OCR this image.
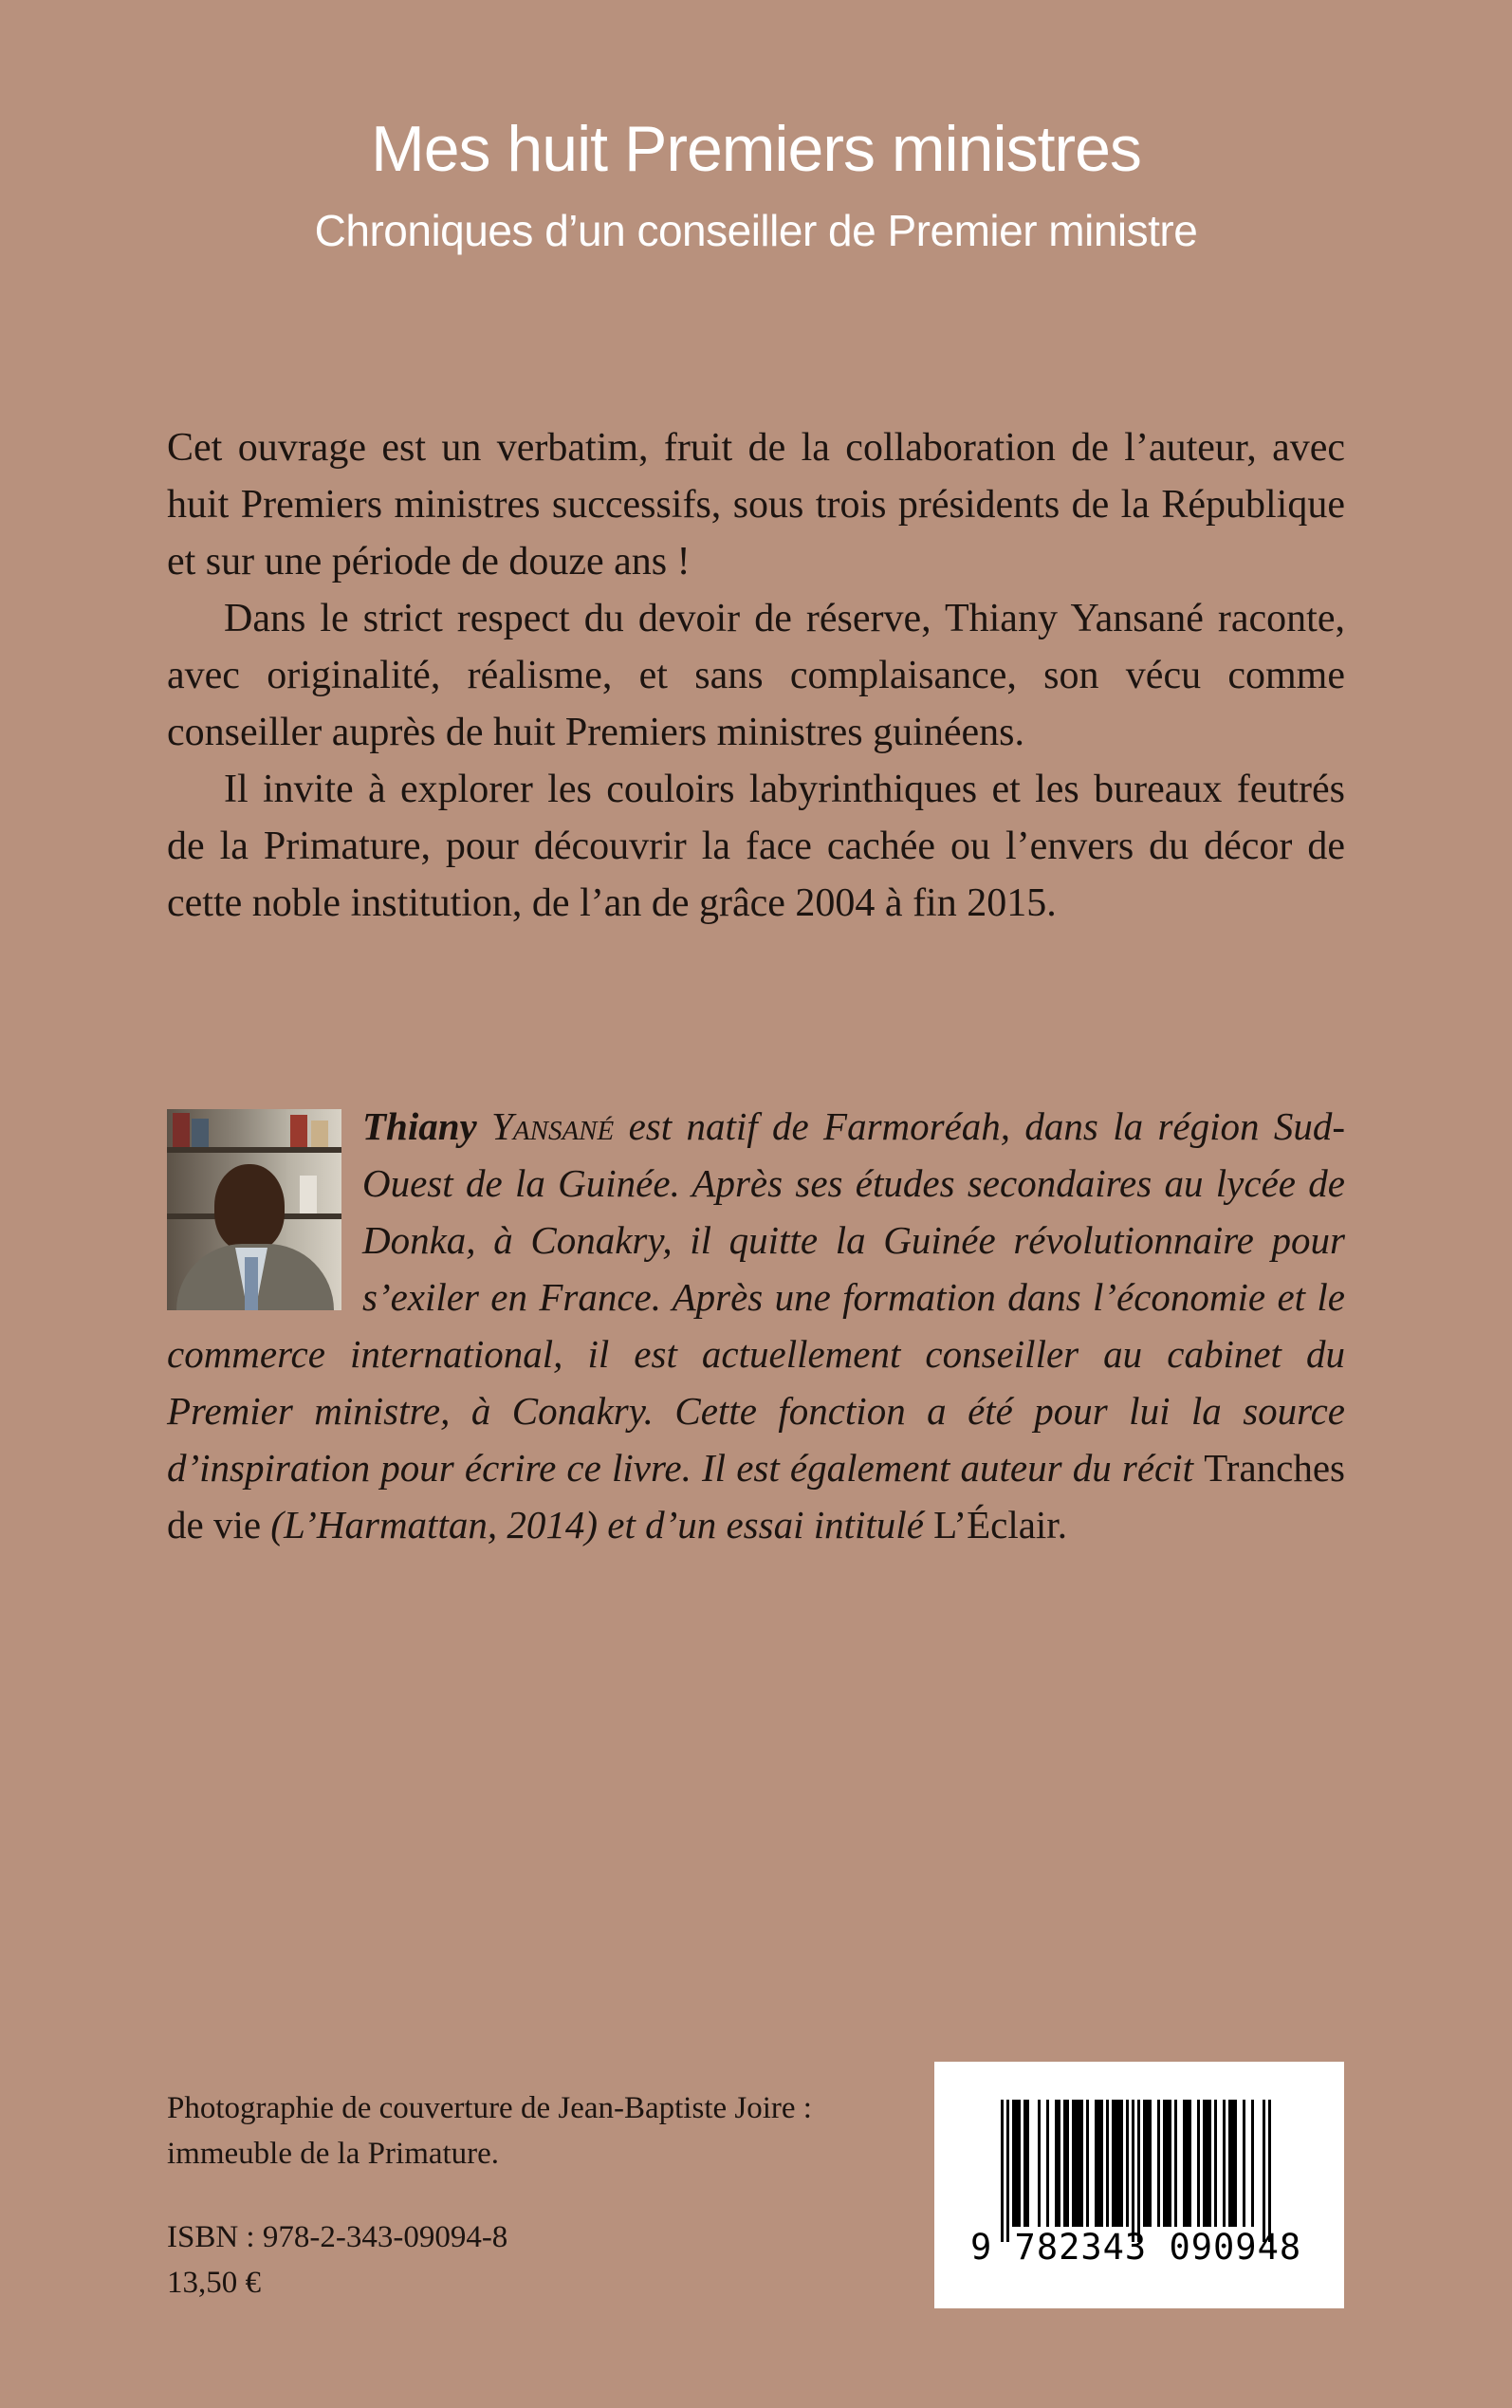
Mes huit Premiers ministres
Chroniques d’un conseiller de Premier ministre

Cet ouvrage est un verbatim, fruit de la collaboration de l’auteur, avec huit Premiers ministres successifs, sous trois présidents de la République et sur une période de douze ans !

Dans le strict respect du devoir de réserve, Thiany Yansané raconte, avec originalité, réalisme, et sans complaisance, son vécu comme conseiller auprès de huit Premiers ministres guinéens.

Il invite à explorer les couloirs labyrinthiques et les bureaux feutrés de la Primature, pour découvrir la face cachée ou l’envers du décor de cette noble institution, de l’an de grâce 2004 à fin 2015.

Thiany Yansané est natif de Farmoréah, dans la région Sud-Ouest de la Guinée. Après ses études secondaires au lycée de Donka, à Conakry, il quitte la Guinée révolutionnaire pour s’exiler en France. Après une formation dans l’économie et le commerce international, il est actuellement conseiller au cabinet du Premier ministre, à Conakry. Cette fonction a été pour lui la source d’inspiration pour écrire ce livre. Il est également auteur du récit Tranches de vie (L’Harmattan, 2014) et d’un essai intitulé L’Éclair.

Photographie de couverture de Jean-Baptiste Joire : immeuble de la Primature.

ISBN : 978-2-343-09094-8
13,50 €
9 782343 090948
